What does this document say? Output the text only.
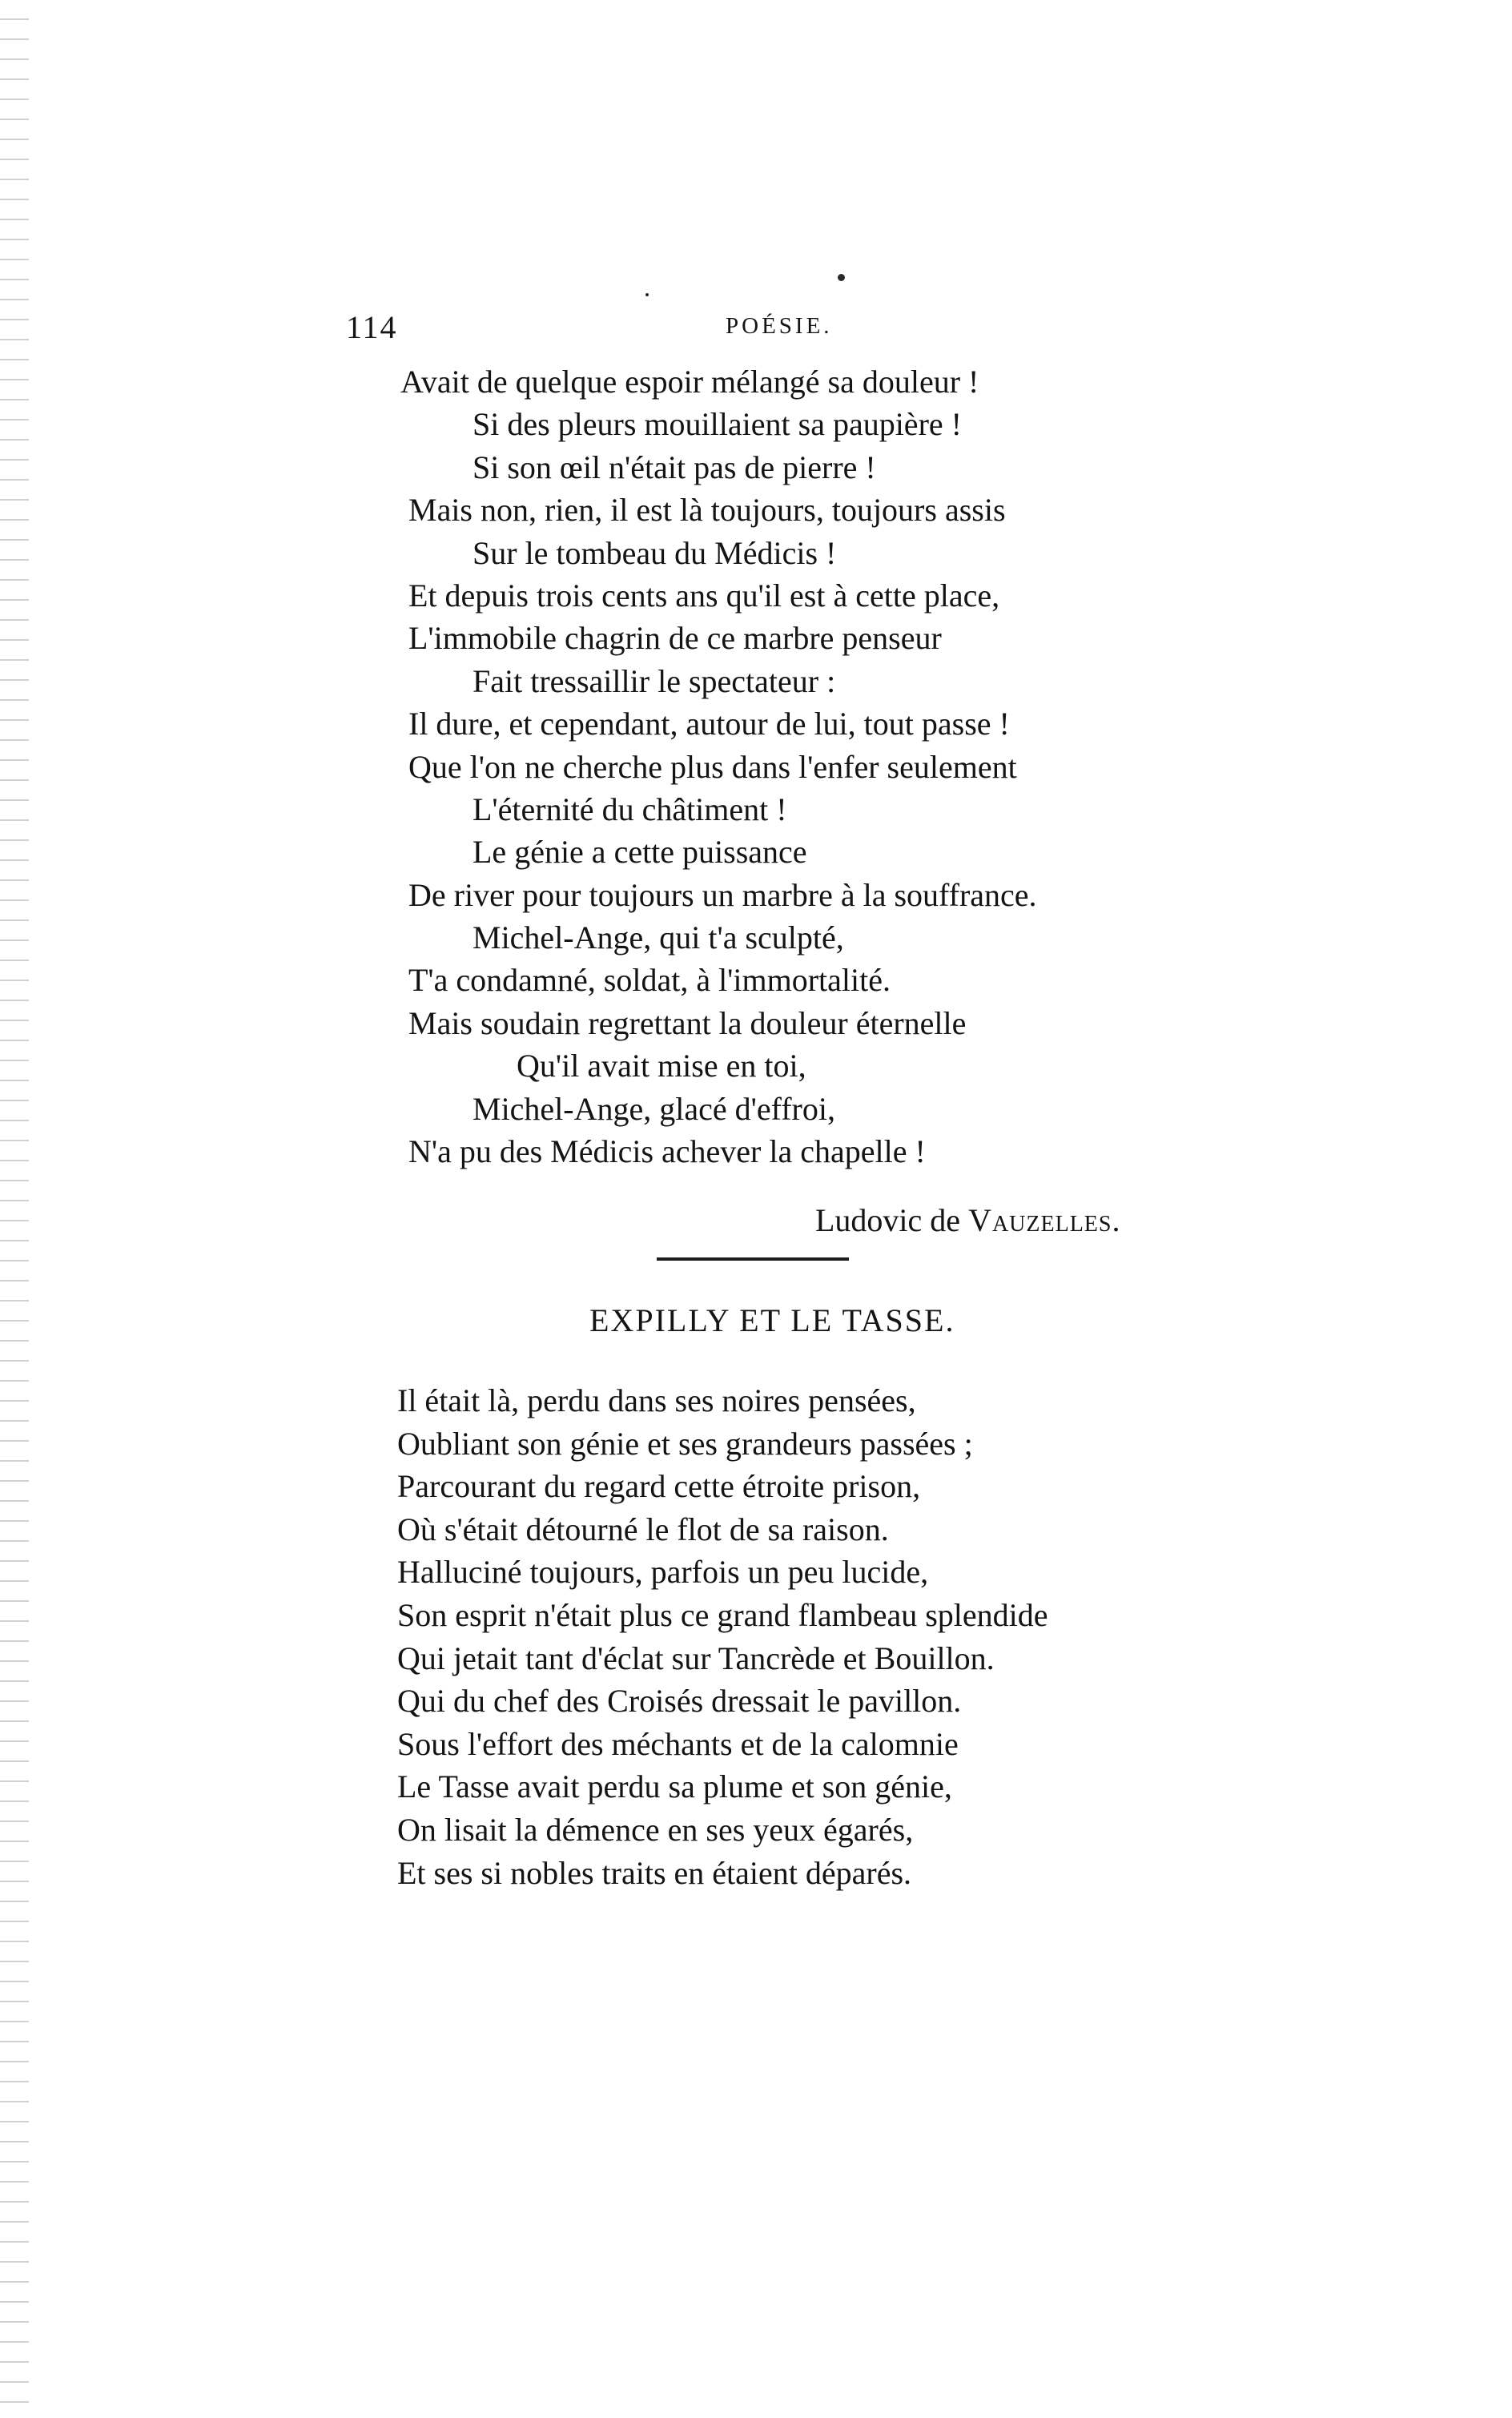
114	POÉSIE.
Avait de quelque espoir mélangé sa douleur !
Si des pleurs mouillaient sa paupière !
Si son œil n'était pas de pierre !
Mais non, rien, il est là toujours, toujours assis
Sur le tombeau du Médicis !
Et depuis trois cents ans qu'il est à cette place,
L'immobile chagrin de ce marbre penseur
Fait tressaillir le spectateur :
Il dure, et cependant, autour de lui, tout passe !
Que l'on ne cherche plus dans l'enfer seulement
L'éternité du châtiment !
Le génie a cette puissance
De river pour toujours un marbre à la souffrance.
Michel-Ange, qui t'a sculpté,
T'a condamné, soldat, à l'immortalité.
Mais soudain regrettant la douleur éternelle
Qu'il avait mise en toi,
Michel-Ange, glacé d'effroi,
N'a pu des Médicis achever la chapelle !
Ludovic de Vauzelles.
EXPILLY ET LE TASSE.
Il était là, perdu dans ses noires pensées,
Oubliant son génie et ses grandeurs passées ;
Parcourant du regard cette étroite prison,
Où s'était détourné le flot de sa raison.
Halluciné toujours, parfois un peu lucide,
Son esprit n'était plus ce grand flambeau splendide
Qui jetait tant d'éclat sur Tancrède et Bouillon.
Qui du chef des Croisés dressait le pavillon.
Sous l'effort des méchants et de la calomnie
Le Tasse avait perdu sa plume et son génie,
On lisait la démence en ses yeux égarés,
Et ses si nobles traits en étaient déparés.
